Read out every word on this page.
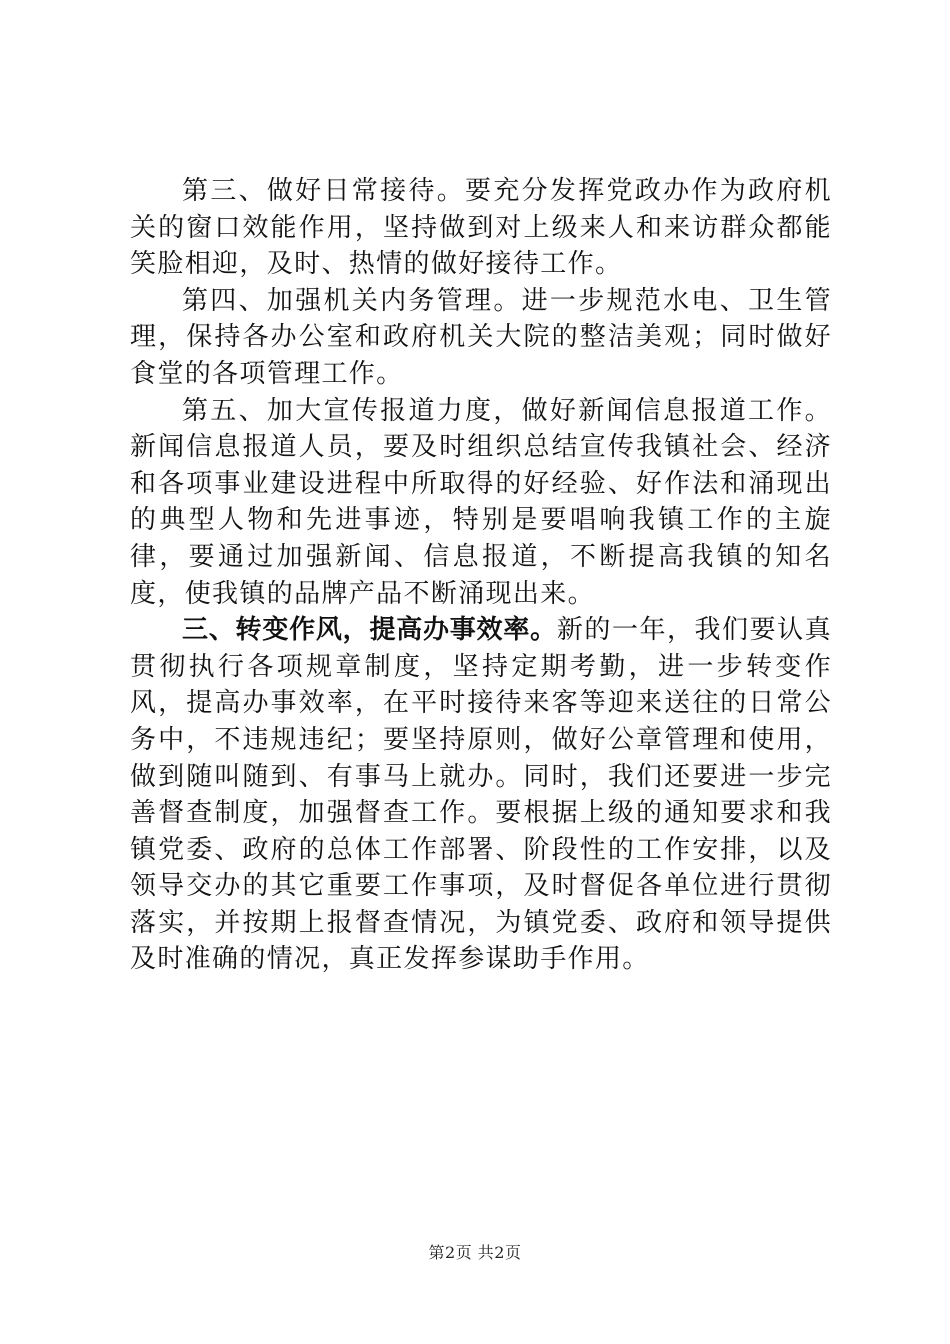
第三、做好日常接待。要充分发挥党政办作为政府机关的窗口效能作用，坚持做到对上级来人和来访群众都能笑脸相迎，及时、热情的做好接待工作。

第四、加强机关内务管理。进一步规范水电、卫生管理，保持各办公室和政府机关大院的整洁美观；同时做好食堂的各项管理工作。

第五、加大宣传报道力度，做好新闻信息报道工作。新闻信息报道人员，要及时组织总结宣传我镇社会、经济和各项事业建设进程中所取得的好经验、好作法和涌现出的典型人物和先进事迹，特别是要唱响我镇工作的主旋律，要通过加强新闻、信息报道，不断提高我镇的知名度，使我镇的品牌产品不断涌现出来。

三、转变作风，提高办事效率。新的一年，我们要认真贯彻执行各项规章制度，坚持定期考勤，进一步转变作风，提高办事效率，在平时接待来客等迎来送往的日常公务中，不违规违纪；要坚持原则，做好公章管理和使用，做到随叫随到、有事马上就办。同时，我们还要进一步完善督查制度，加强督查工作。要根据上级的通知要求和我镇党委、政府的总体工作部署、阶段性的工作安排，以及领导交办的其它重要工作事项，及时督促各单位进行贯彻落实，并按期上报督查情况，为镇党委、政府和领导提供及时准确的情况，真正发挥参谋助手作用。

第2页 共2页
